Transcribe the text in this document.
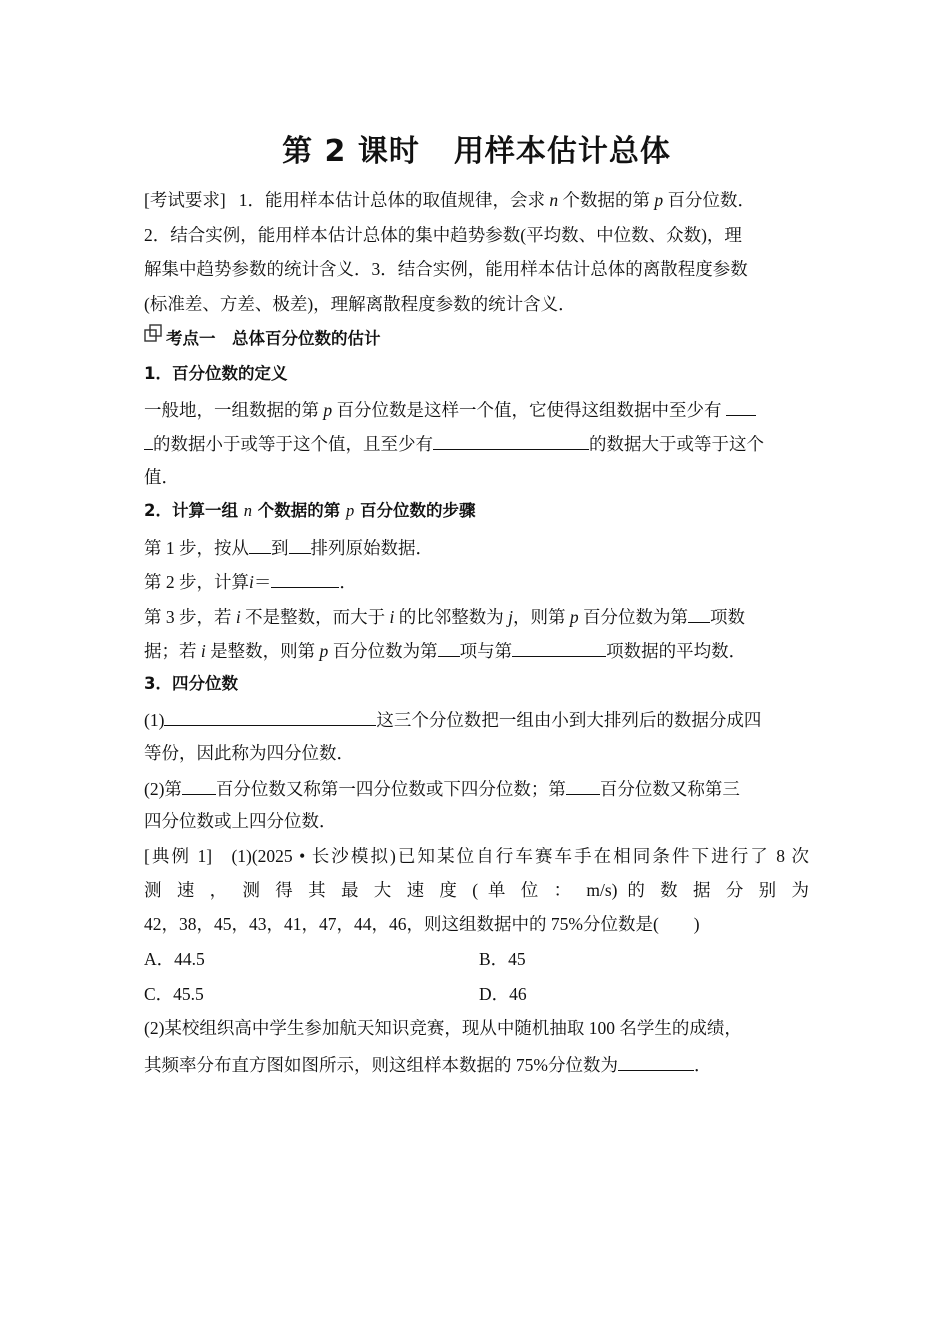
第 2 课时 用样本估计总体
[考试要求] 1．能用样本估计总体的取值规律，会求 n 个数据的第 p 百分位数．
2．结合实例，能用样本估计总体的集中趋势参数(平均数、中位数、众数)，理
解集中趋势参数的统计含义．3．结合实例，能用样本估计总体的离散程度参数
(标准差、方差、极差)，理解离散程度参数的统计含义．
考点一　总体百分位数的估计
1．百分位数的定义
一般地，一组数据的第 p 百分位数是这样一个值，它使得这组数据中至少有
的数据小于或等于这个值，且至少有	的数据大于或等于这个
值．
2．计算一组 n 个数据的第 p 百分位数的步骤
第 1 步，按从 到 排列原始数据．
第 2 步，计算i＝	．
第 3 步，若 i 不是整数，而大于 i 的比邻整数为 j，则第 p 百分位数为第 项数
据；若 i 是整数，则第 p 百分位数为第 项与第	项数据的平均数．
3．四分位数
(1)	这三个分位数把一组由小到大排列后的数据分成四
等份，因此称为四分位数．
(2)第 百分位数又称第一四分位数或下四分位数；第 百分位数又称第三
四分位数或上四分位数．
[典例 1] (1)(2025 • 长沙模拟)已知某位自行车赛车手在相同条件下进行了 8 次
测 速 ， 测 得 其 最 大 速 度 ( 单 位 ： m/s) 的 数 据 分 别 为
42，38，45，43，41，47，44，46，则这组数据中的 75%分位数是(　　)
A．44.5	B．45
C．45.5	D．46
(2)某校组织高中学生参加航天知识竞赛，现从中随机抽取 100 名学生的成绩，
其频率分布直方图如图所示，则这组样本数据的 75%分位数为	．
